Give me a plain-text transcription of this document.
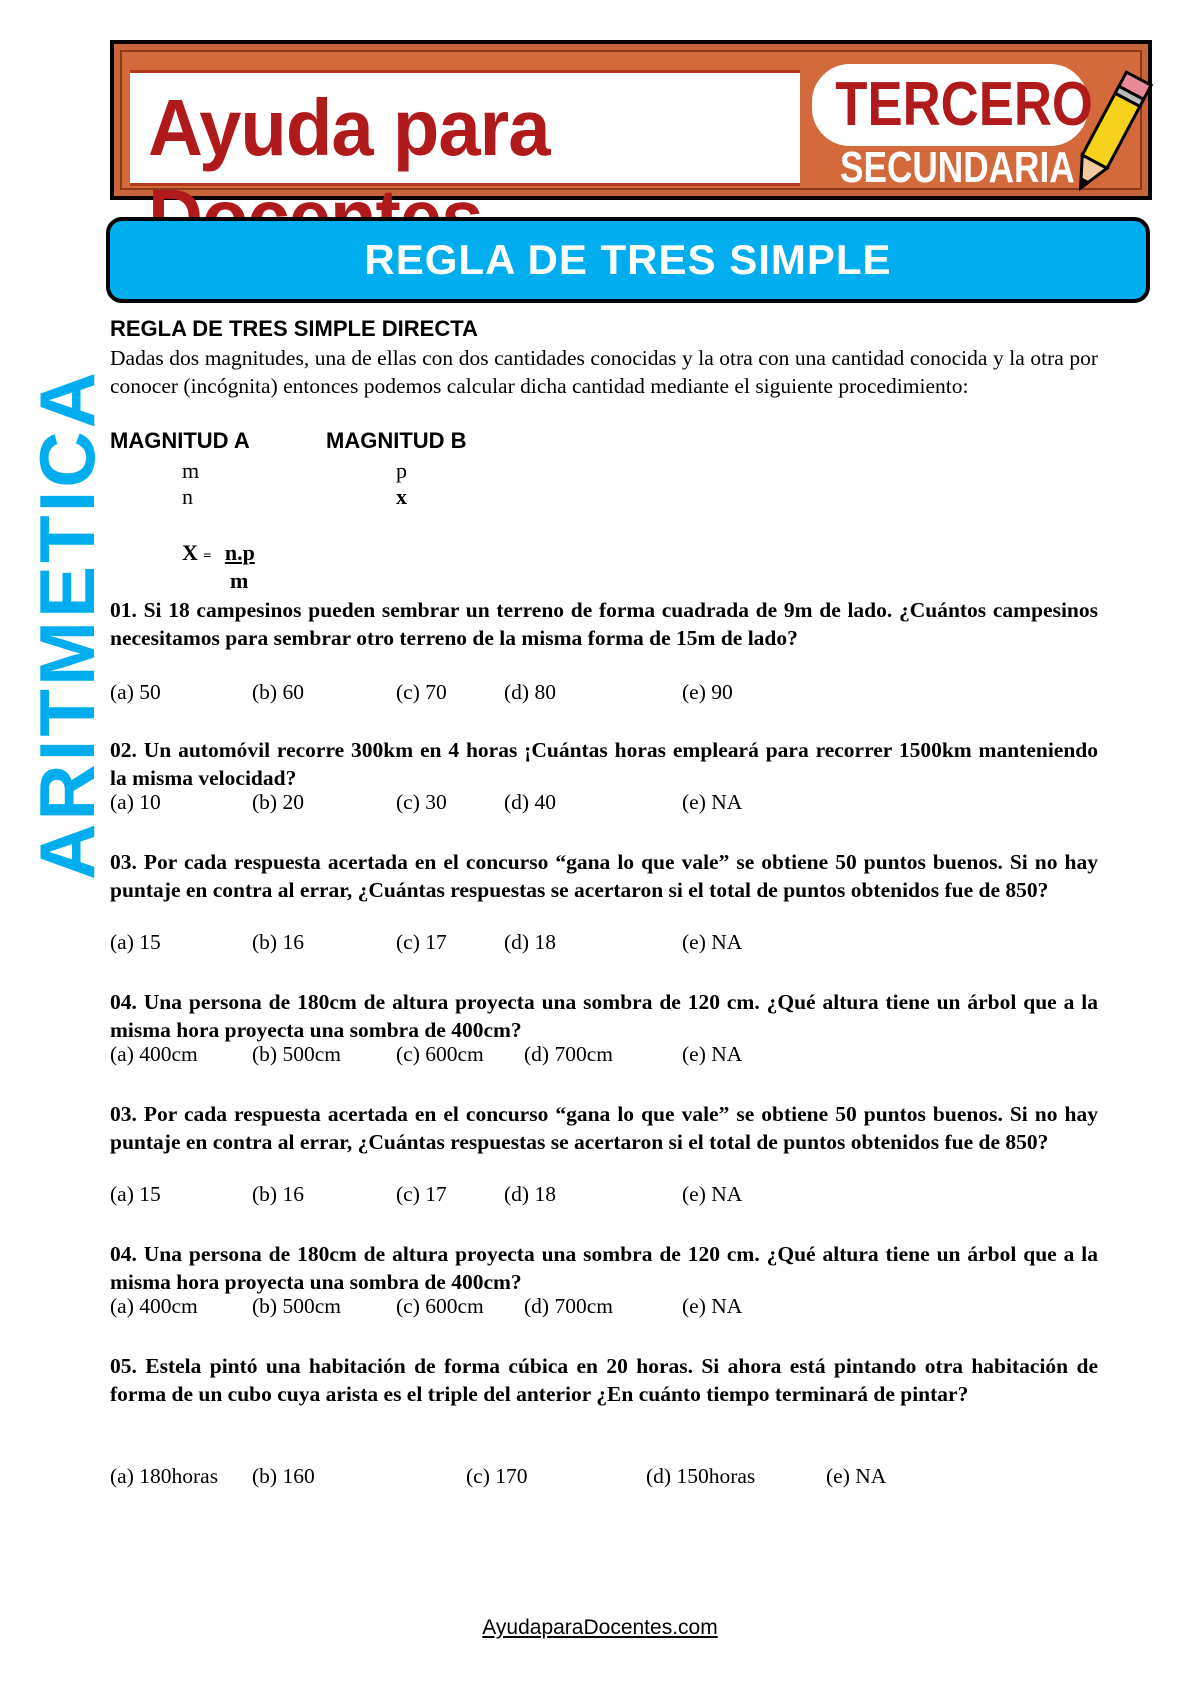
Ayuda para	TERCERO
SECUNDARIA
REGLA DE TRES SIMPLE
ARITMETICA
REGLA DE TRES SIMPLE DIRECTA
Dadas dos magnitudes, una de ellas con dos cantidades conocidas y la otra con una cantidad conocida y la otra por conocer (incógnita) entonces podemos calcular dicha cantidad mediante el siguiente procedimiento:
MAGNITUD A	MAGNITUD B
m	p
n	x
X = n.p
m
01. Si 18 campesinos pueden sembrar un terreno de forma cuadrada de 9m de lado. ¿Cuántos campesinos necesitamos para sembrar otro terreno de la misma forma de 15m de lado?
(a) 50	(b) 60	(c) 70	(d) 80	(e) 90
02. Un automóvil recorre 300km en 4 horas ¡Cuántas horas empleará para recorrer 1500km manteniendo la misma velocidad?
(a) 10	(b) 20	(c) 30	(d) 40	(e) NA
03. Por cada respuesta acertada en el concurso “gana lo que vale” se obtiene 50 puntos buenos. Si no hay puntaje en contra al errar, ¿Cuántas respuestas se acertaron si el total de puntos obtenidos fue de 850?
(a) 15	(b) 16	(c) 17	(d) 18	(e) NA
04. Una persona de 180cm de altura proyecta una sombra de 120 cm. ¿Qué altura tiene un árbol que a la misma hora proyecta una sombra de 400cm?
(a) 400cm	(b) 500cm	(c) 600cm (d) 700cm	(e) NA
03. Por cada respuesta acertada en el concurso “gana lo que vale” se obtiene 50 puntos buenos. Si no hay puntaje en contra al errar, ¿Cuántas respuestas se acertaron si el total de puntos obtenidos fue de 850?
(a) 15	(b) 16	(c) 17	(d) 18	(e) NA
04. Una persona de 180cm de altura proyecta una sombra de 120 cm. ¿Qué altura tiene un árbol que a la misma hora proyecta una sombra de 400cm?
(a) 400cm	(b) 500cm	(c) 600cm (d) 700cm	(e) NA
05. Estela pintó una habitación de forma cúbica en 20 horas. Si ahora está pintando otra habitación de forma de un cubo cuya arista es el triple del anterior ¿En cuánto tiempo terminará de pintar?
(a) 180horas (b) 160	(c) 170	(d) 150horas	(e) NA
AyudaparaDocentes.com
